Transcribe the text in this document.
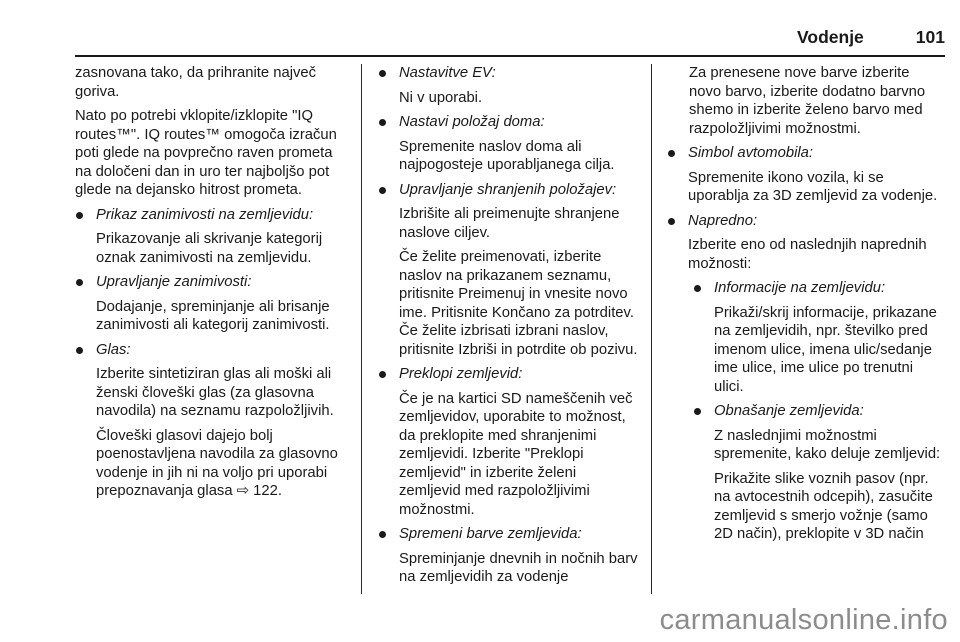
Vodenje	101

zasnovana tako, da prihranite največ goriva.

Nato po potrebi vklopite/izklopite "IQ routes™". IQ routes™ omogoča izračun poti glede na povprečno raven prometa na določeni dan in uro ter najboljšo pot glede na dejansko hitrost prometa.

Prikaz zanimivosti na zemljevidu:

Prikazovanje ali skrivanje kategorij oznak zanimivosti na zemljevidu.

Upravljanje zanimivosti:

Dodajanje, spreminjanje ali brisanje zanimivosti ali kategorij zanimivosti.

Glas:

Izberite sintetiziran glas ali moški ali ženski človeški glas (za glasovna navodila) na seznamu razpoložljivih.

Človeški glasovi dajejo bolj poenostavljena navodila za glasovno vodenje in jih ni na voljo pri uporabi prepoznavanja glasa ⇨ 122.

Nastavitve EV:

Ni v uporabi.

Nastavi položaj doma:

Spremenite naslov doma ali najpogosteje uporabljanega cilja.

Upravljanje shranjenih položajev:

Izbrišite ali preimenujte shranjene naslove ciljev.

Če želite preimenovati, izberite naslov na prikazanem seznamu, pritisnite Preimenuj in vnesite novo ime. Pritisnite Končano za potrditev. Če želite izbrisati izbrani naslov, pritisnite Izbriši in potrdite ob pozivu.

Preklopi zemljevid:

Če je na kartici SD nameščenih več zemljevidov, uporabite to možnost, da preklopite med shranjenimi zemljevidi. Izberite "Preklopi zemljevid" in izberite želeni zemljevid med razpoložljivimi možnostmi.

Spremeni barve zemljevida:

Spreminjanje dnevnih in nočnih barv na zemljevidih za vodenje

Za prenesene nove barve izberite novo barvo, izberite dodatno barvno shemo in izberite želeno barvo med razpoložljivimi možnostmi.

Simbol avtomobila:

Spremenite ikono vozila, ki se uporablja za 3D zemljevid za vodenje.

Napredno:

Izberite eno od naslednjih naprednih možnosti:

Informacije na zemljevidu:

Prikaži/skrij informacije, prikazane na zemljevidih, npr. številko pred imenom ulice, imena ulic/sedanje ime ulice, ime ulice po trenutni ulici.

Obnašanje zemljevida:

Z naslednjimi možnostmi spremenite, kako deluje zemljevid:

Prikažite slike voznih pasov (npr. na avtocestnih odcepih), zasučite zemljevid s smerjo vožnje (samo 2D način), preklopite v 3D način

carmanualsonline.info
